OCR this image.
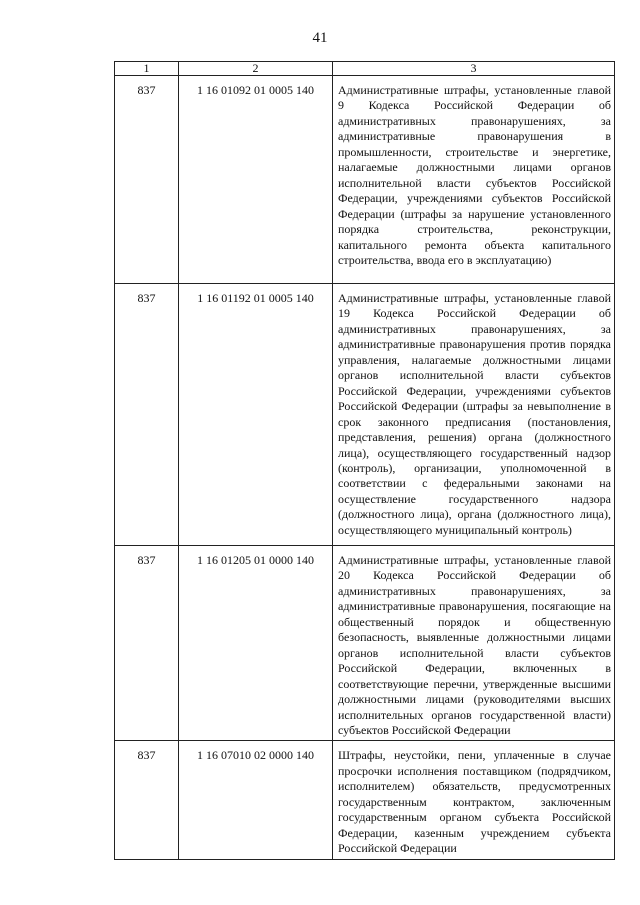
41
1	2	3
837	1 16 01092 01 0005 140	Административные штрафы, установленные главой 9 Кодекса Российской Федерации об административных правонарушениях, за административные правонарушения в промышленности, строительстве и энергетике, налагаемые должностными лицами органов исполнительной власти субъектов Российской Федерации, учреждениями субъектов Российской Федерации (штрафы за нарушение установленного порядка строительства, реконструкции, капитального ремонта объекта капитального строительства, ввода его в эксплуатацию)
837	1 16 01192 01 0005 140	Административные штрафы, установленные главой 19 Кодекса Российской Федерации об административных правонарушениях, за административные правонарушения против порядка управления, налагаемые должностными лицами органов исполнительной власти субъектов Российской Федерации, учреждениями субъектов Российской Федерации (штрафы за невыполнение в срок законного предписания (постановления, представления, решения) органа (должностного лица), осуществляющего государственный надзор (контроль), организации, уполномоченной в соответствии с федеральными законами на осуществление государственного надзора (должностного лица), органа (должностного лица), осуществляющего муниципальный контроль)
837	1 16 01205 01 0000 140	Административные штрафы, установленные главой 20 Кодекса Российской Федерации об административных правонарушениях, за административные правонарушения, посягающие на общественный порядок и общественную безопасность, выявленные должностными лицами органов исполнительной власти субъектов Российской Федерации, включенных в соответствующие перечни, утвержденные высшими должностными лицами (руководителями высших исполнительных органов государственной власти) субъектов Российской Федерации
837	1 16 07010 02 0000 140	Штрафы, неустойки, пени, уплаченные в случае просрочки исполнения поставщиком (подрядчиком, исполнителем) обязательств, предусмотренных государственным контрактом, заключенным государственным органом субъекта Российской Федерации, казенным учреждением субъекта Российской Федерации
